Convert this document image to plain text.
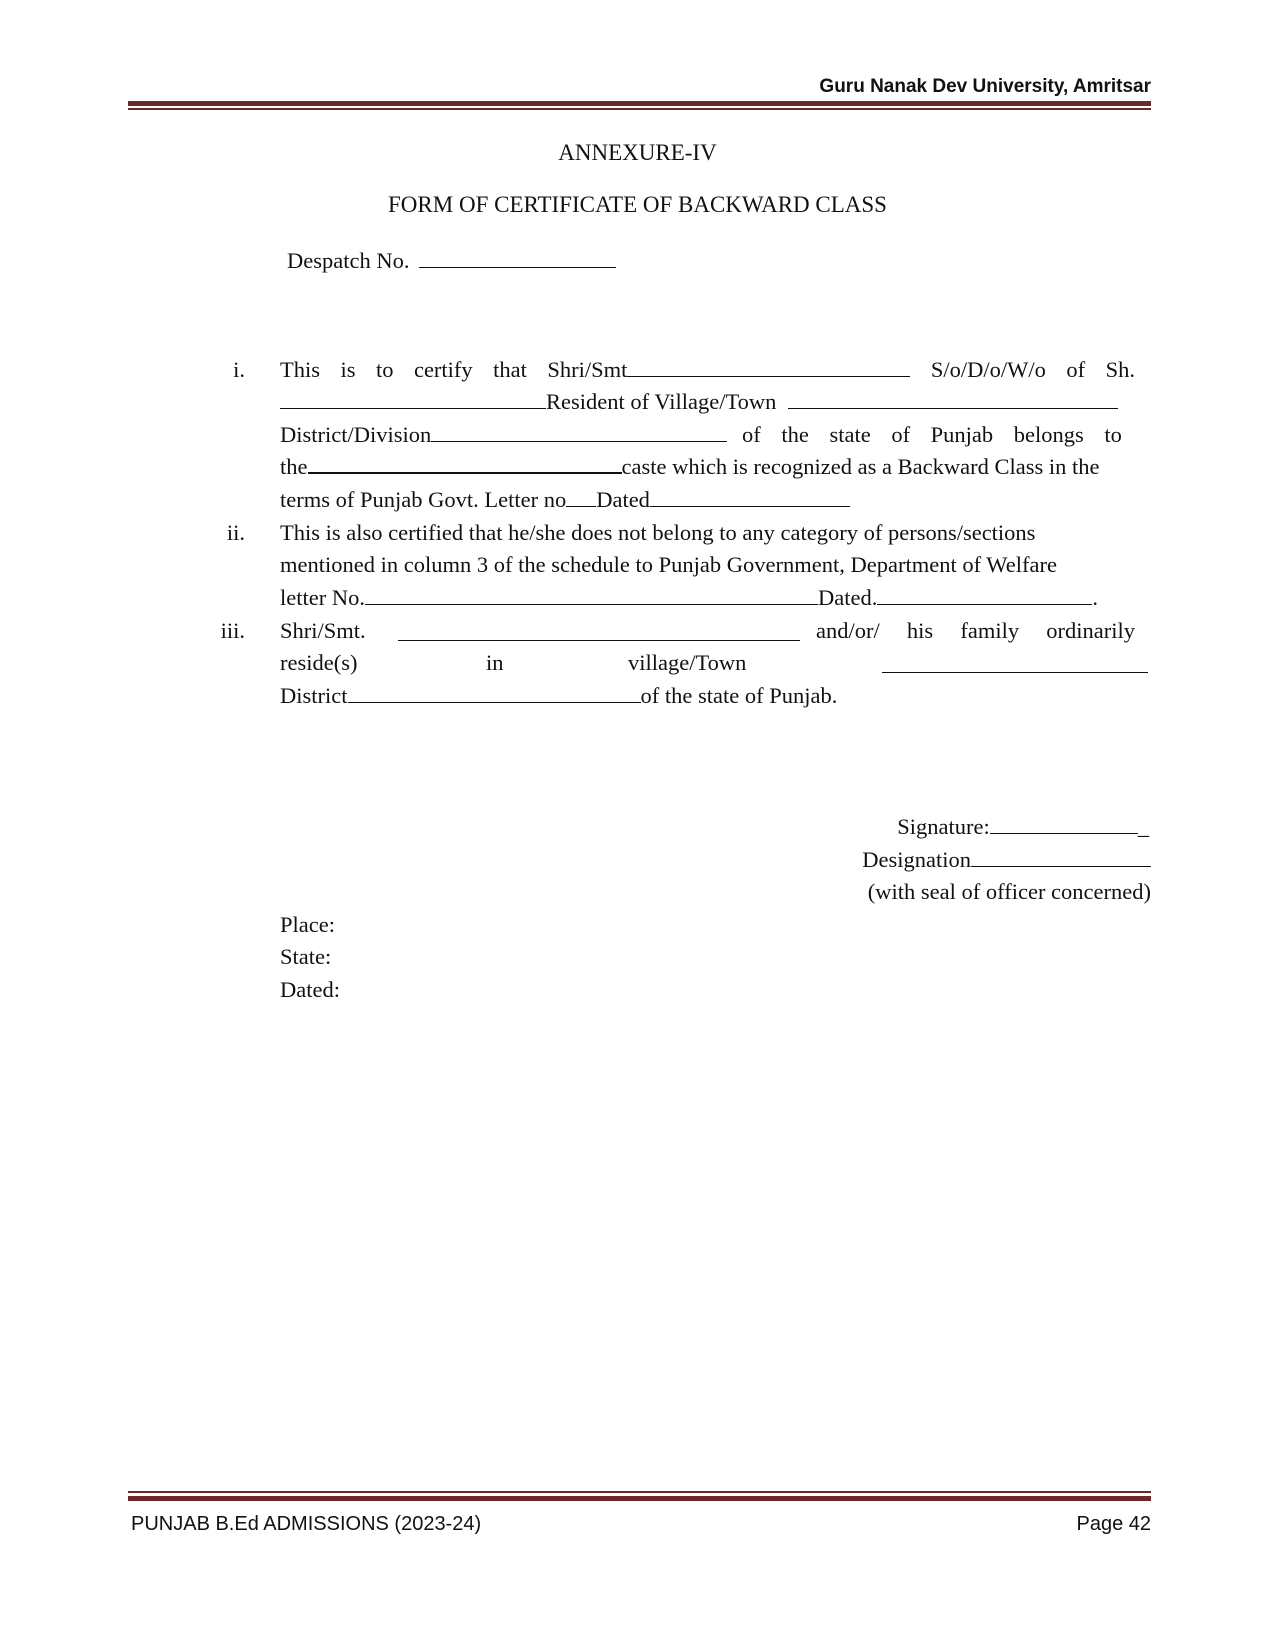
Guru Nanak Dev University, Amritsar
ANNEXURE-IV
FORM OF CERTIFICATE OF BACKWARD CLASS
Despatch No.
i. This is to certify that Shri/Smt	S/o/D/o/W/o of Sh.
Resident of Village/Town
District/Division	of the state of Punjab belongs to
the	caste which is recognized as a Backward Class in the
terms of Punjab Govt. Letter no Dated
ii. This is also certified that he/she does not belong to any category of persons/sections
mentioned in column 3 of the schedule to Punjab Government, Department of Welfare
letter No.	Dated.	.
iii. Shri/Smt.	and/or/ his family ordinarily
reside(s)	in	village/Town
District	of the state of Punjab.
Signature:	_
Designation
(with seal of officer concerned)
Place:
State:
Dated:
PUNJAB B.Ed ADMISSIONS (2023-24)	Page 42
